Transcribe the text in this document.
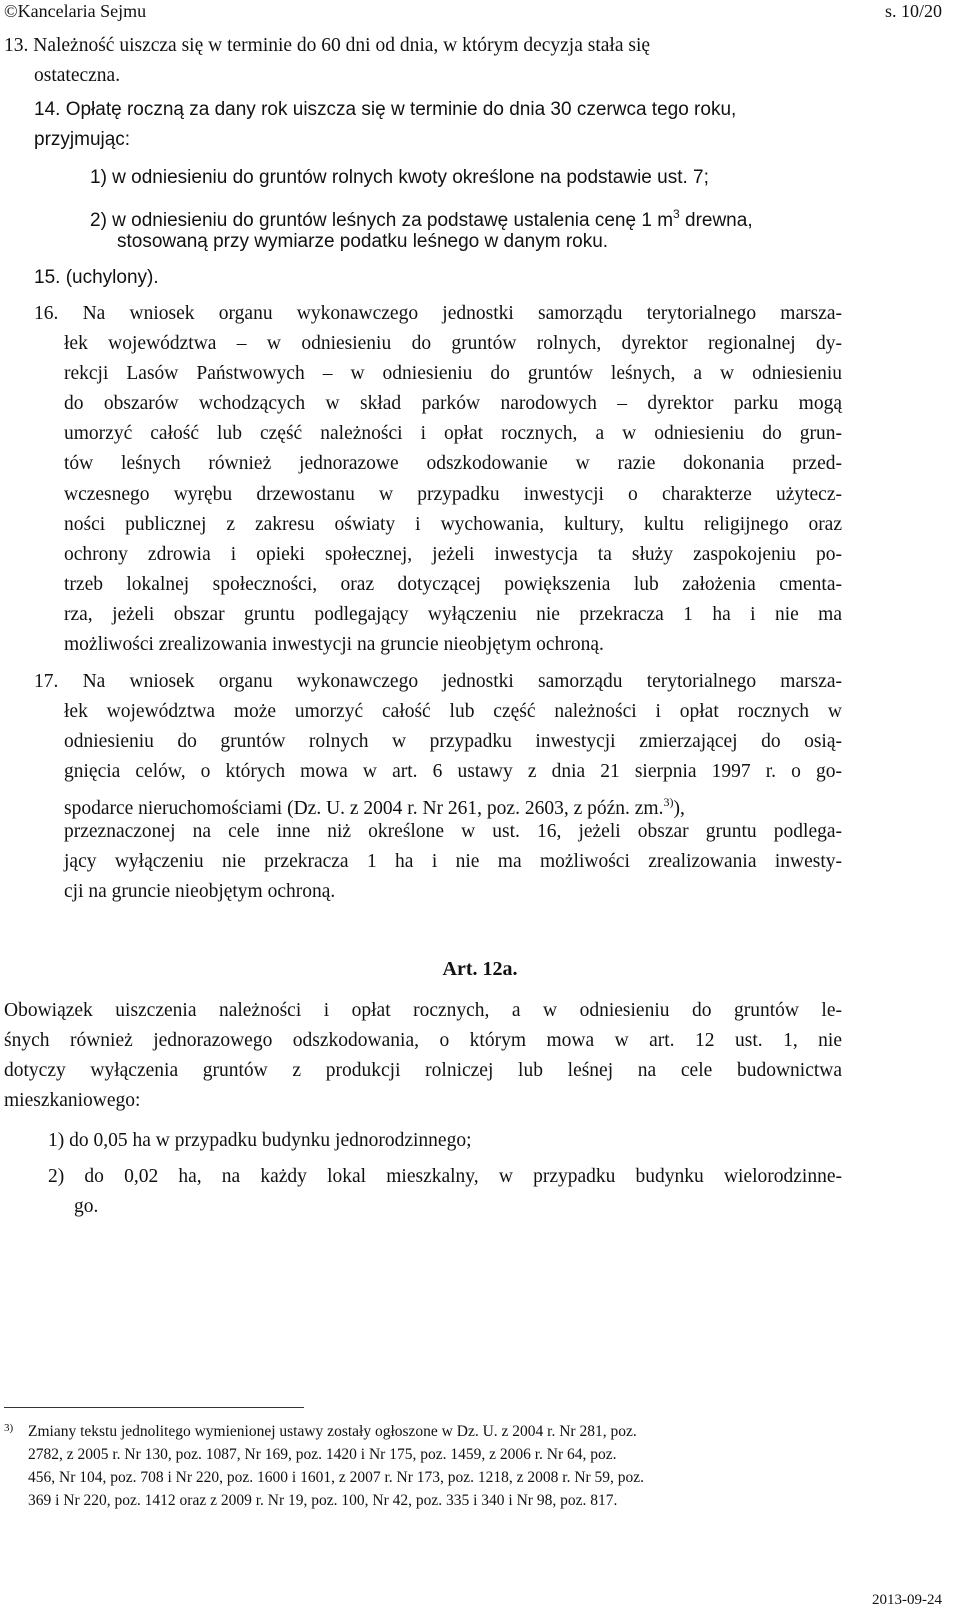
©Kancelaria Sejmu	s. 10/20
13. Należność uiszcza się w terminie do 60 dni od dnia, w którym decyzja stała się
ostateczna.
14. Opłatę roczną za dany rok uiszcza się w terminie do dnia 30 czerwca tego roku,
przyjmując:
1) w odniesieniu do gruntów rolnych kwoty określone na podstawie ust. 7;
2) w odniesieniu do gruntów leśnych za podstawę ustalenia cenę 1 $m^3$ drewna,
stosowaną przy wymiarze podatku leśnego w danym roku.
15. (uchylony).
16. Na wniosek organu wykonawczego jednostki samorządu terytorialnego marsza-
łek województwa – w odniesieniu do gruntów rolnych, dyrektor regionalnej dy-
rekcji Lasów Państwowych – w odniesieniu do gruntów leśnych, a w odniesieniu
do obszarów wchodzących w skład parków narodowych – dyrektor parku mogą
umorzyć całość lub część należności i opłat rocznych, a w odniesieniu do grun-
tów leśnych również jednorazowe odszkodowanie w razie dokonania przed-
wczesnego wyrębu drzewostanu w przypadku inwestycji o charakterze użytecz-
ności publicznej z zakresu oświaty i wychowania, kultury, kultu religijnego oraz
ochrony zdrowia i opieki społecznej, jeżeli inwestycja ta służy zaspokojeniu po-
trzeb lokalnej społeczności, oraz dotyczącej powiększenia lub założenia cmenta-
rza, jeżeli obszar gruntu podlegający wyłączeniu nie przekracza 1 ha i nie ma
możliwości zrealizowania inwestycji na gruncie nieobjętym ochroną.
17. Na wniosek organu wykonawczego jednostki samorządu terytorialnego marsza-
łek województwa może umorzyć całość lub część należności i opłat rocznych w
odniesieniu do gruntów rolnych w przypadku inwestycji zmierzającej do osią-
gnięcia celów, o których mowa w art. 6 ustawy z dnia 21 sierpnia 1997 r. o go-
spodarce nieruchomościami (Dz. U. z 2004 r. Nr 261, poz. 2603, z późn. zm.$^{3)}$),
przeznaczonej na cele inne niż określone w ust. 16, jeżeli obszar gruntu podlega-
jący wyłączeniu nie przekracza 1 ha i nie ma możliwości zrealizowania inwesty-
cji na gruncie nieobjętym ochroną.
Art. 12a.
Obowiązek uiszczenia należności i opłat rocznych, a w odniesieniu do gruntów le-
śnych również jednorazowego odszkodowania, o którym mowa w art. 12 ust. 1, nie
dotyczy wyłączenia gruntów z produkcji rolniczej lub leśnej na cele budownictwa
mieszkaniowego:
1) do 0,05 ha w przypadku budynku jednorodzinnego;
2) do 0,02 ha, na każdy lokal mieszkalny, w przypadku budynku wielorodzinne-
go.
3) Zmiany tekstu jednolitego wymienionej ustawy zostały ogłoszone w Dz. U. z 2004 r. Nr 281, poz.
2782, z 2005 r. Nr 130, poz. 1087, Nr 169, poz. 1420 i Nr 175, poz. 1459, z 2006 r. Nr 64, poz.
456, Nr 104, poz. 708 i Nr 220, poz. 1600 i 1601, z 2007 r. Nr 173, poz. 1218, z 2008 r. Nr 59, poz.
369 i Nr 220, poz. 1412 oraz z 2009 r. Nr 19, poz. 100, Nr 42, poz. 335 i 340 i Nr 98, poz. 817.
2013-09-24
